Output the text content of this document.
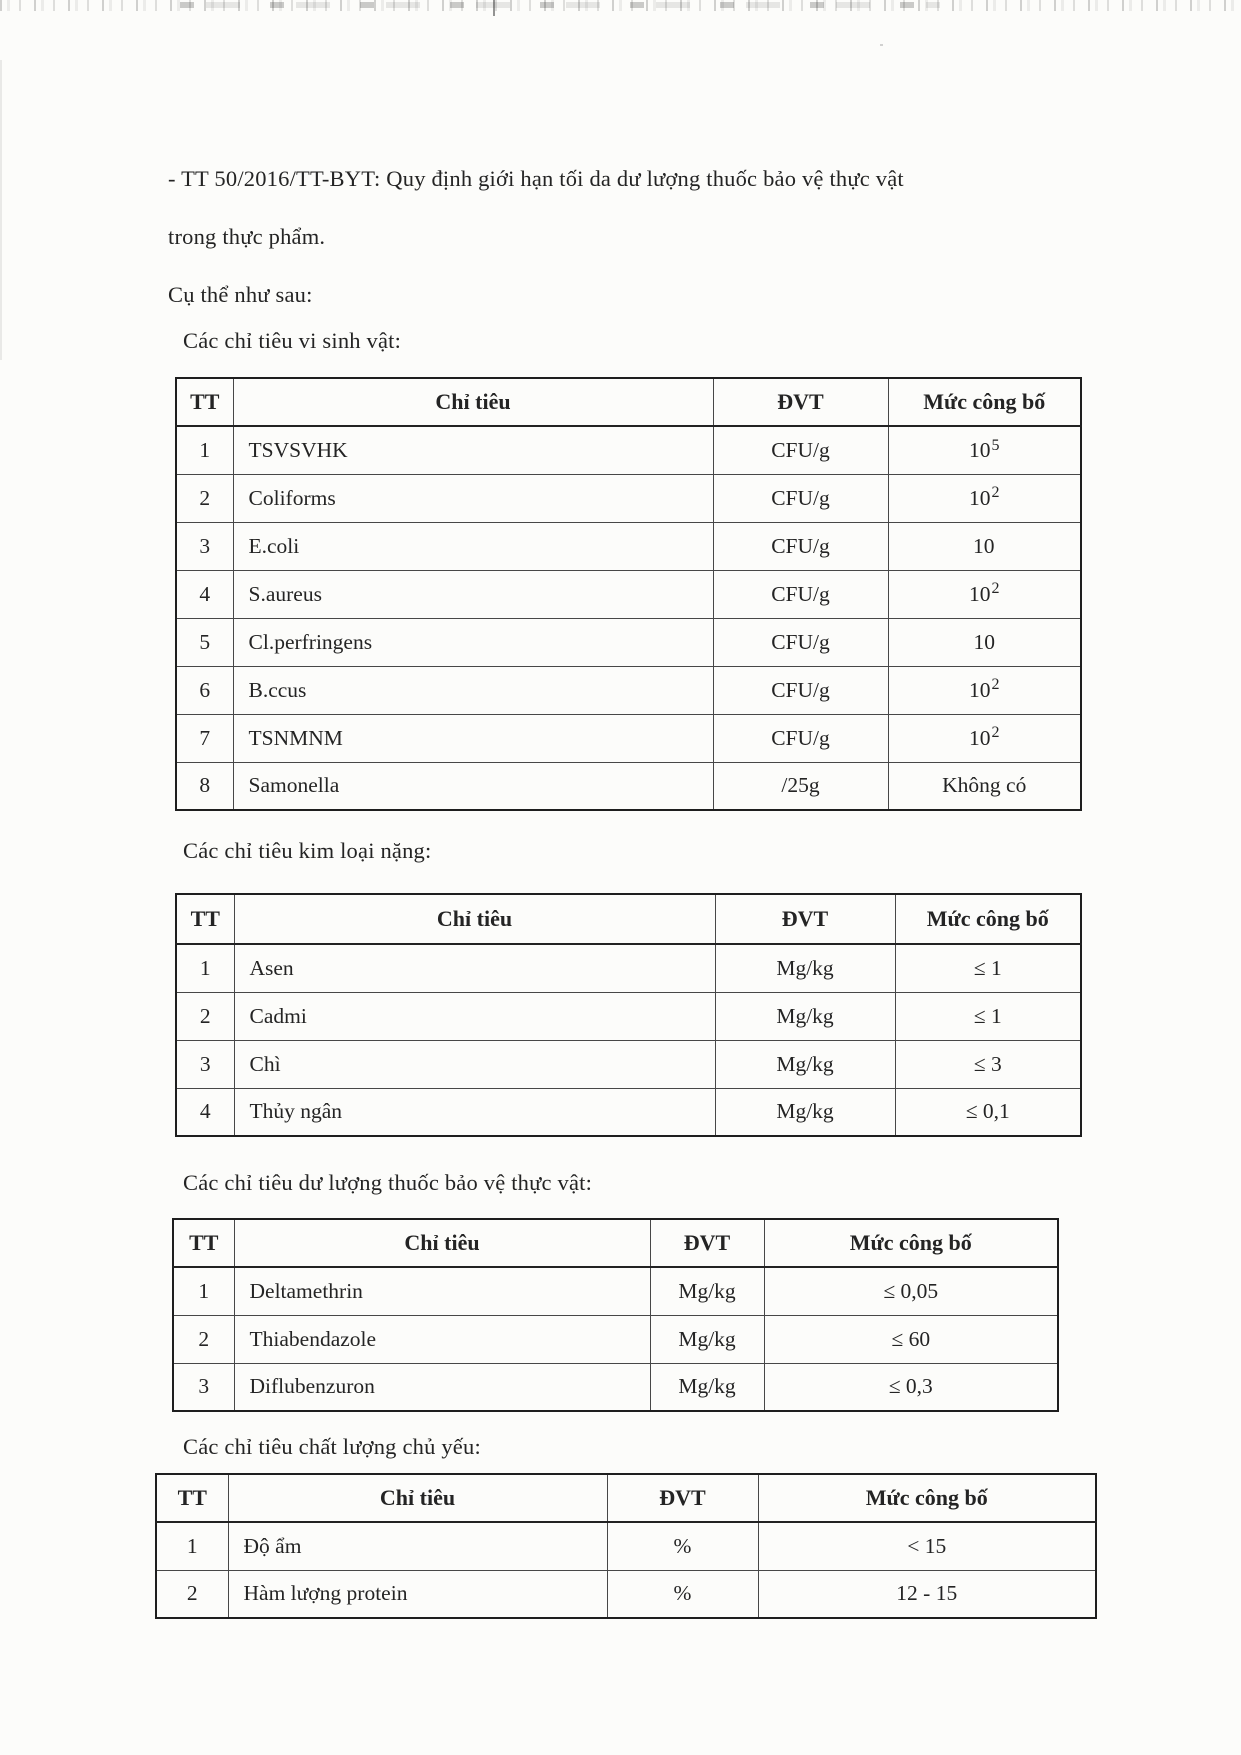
- TT 50/2016/TT-BYT: Quy định giới hạn tối da dư lượng thuốc bảo vệ thực vật
trong thực phẩm.
Cụ thể như sau:
Các chỉ tiêu vi sinh vật:
TT	Chỉ tiêu	ĐVT	Mức công bố
1	TSVSVHK	CFU/g	$10^5$
2	Coliforms	CFU/g	$10^2$
3	E.coli	CFU/g	10
4	S.aureus	CFU/g	$10^2$
5	Cl.perfringens	CFU/g	10
6	B.ccus	CFU/g	$10^2$
7	TSNMNM	CFU/g	$10^2$
8	Samonella	/25g	Không có
Các chỉ tiêu kim loại nặng:
TT	Chỉ tiêu	ĐVT	Mức công bố
1	Asen	Mg/kg	≤ 1
2	Cadmi	Mg/kg	≤ 1
3	Chì	Mg/kg	≤ 3
4	Thủy ngân	Mg/kg	≤ 0,1
Các chỉ tiêu dư lượng thuốc bảo vệ thực vật:
TT	Chỉ tiêu	ĐVT	Mức công bố
1	Deltamethrin	Mg/kg	≤ 0,05
2	Thiabendazole	Mg/kg	≤ 60
3	Diflubenzuron	Mg/kg	≤ 0,3
Các chỉ tiêu chất lượng chủ yếu:
TT	Chỉ tiêu	ĐVT	Mức công bố
1	Độ ẩm	%	< 15
2	Hàm lượng protein	%	12 - 15
